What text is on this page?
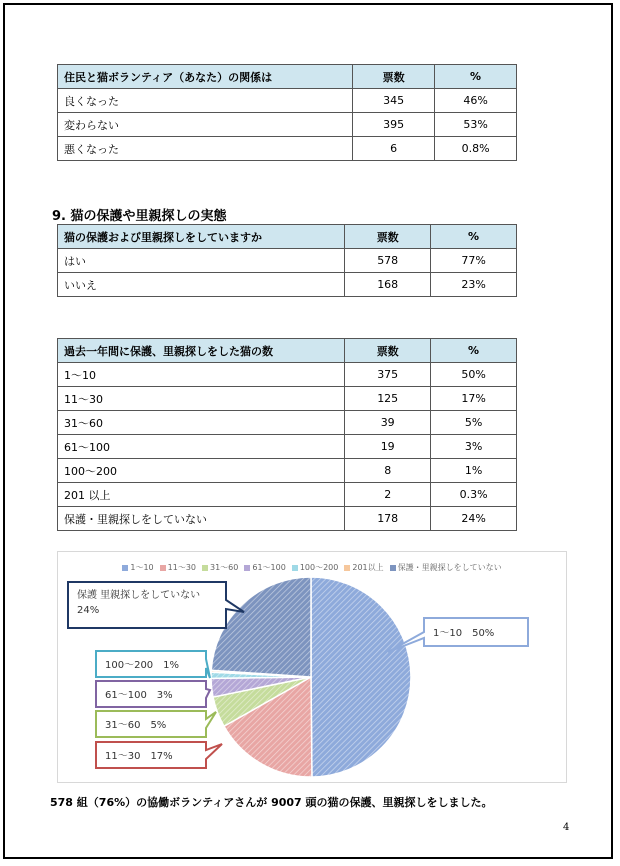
住民と猫ボランティア（あなた）の関係は	票数	%
良くなった	345	46%
変わらない	395	53%
悪くなった	6	0.8%
9. 猫の保護や里親探しの実態
猫の保護および里親探しをしていますか	票数	%
はい	578	77%
いいえ	168	23%
過去一年間に保護、里親探しをした猫の数	票数	%
1～10	375	50%
11～30	125	17%
31～60	39	5%
61～100	19	3%
100～200	8	1%
201 以上	2	0.3%
保護・里親探しをしていない	178	24%
1～10 11～30 31～60 61～100 100～200 201以上 保護・里親探しをしていない
1～10　50%
11～30　17%
31～60　5%
61～100　3%
100～200　1%
保護 里親探しをしていない
24%
578 組（76%）の協働ボランティアさんが 9007 頭の猫の保護、里親探しをしました。
4
